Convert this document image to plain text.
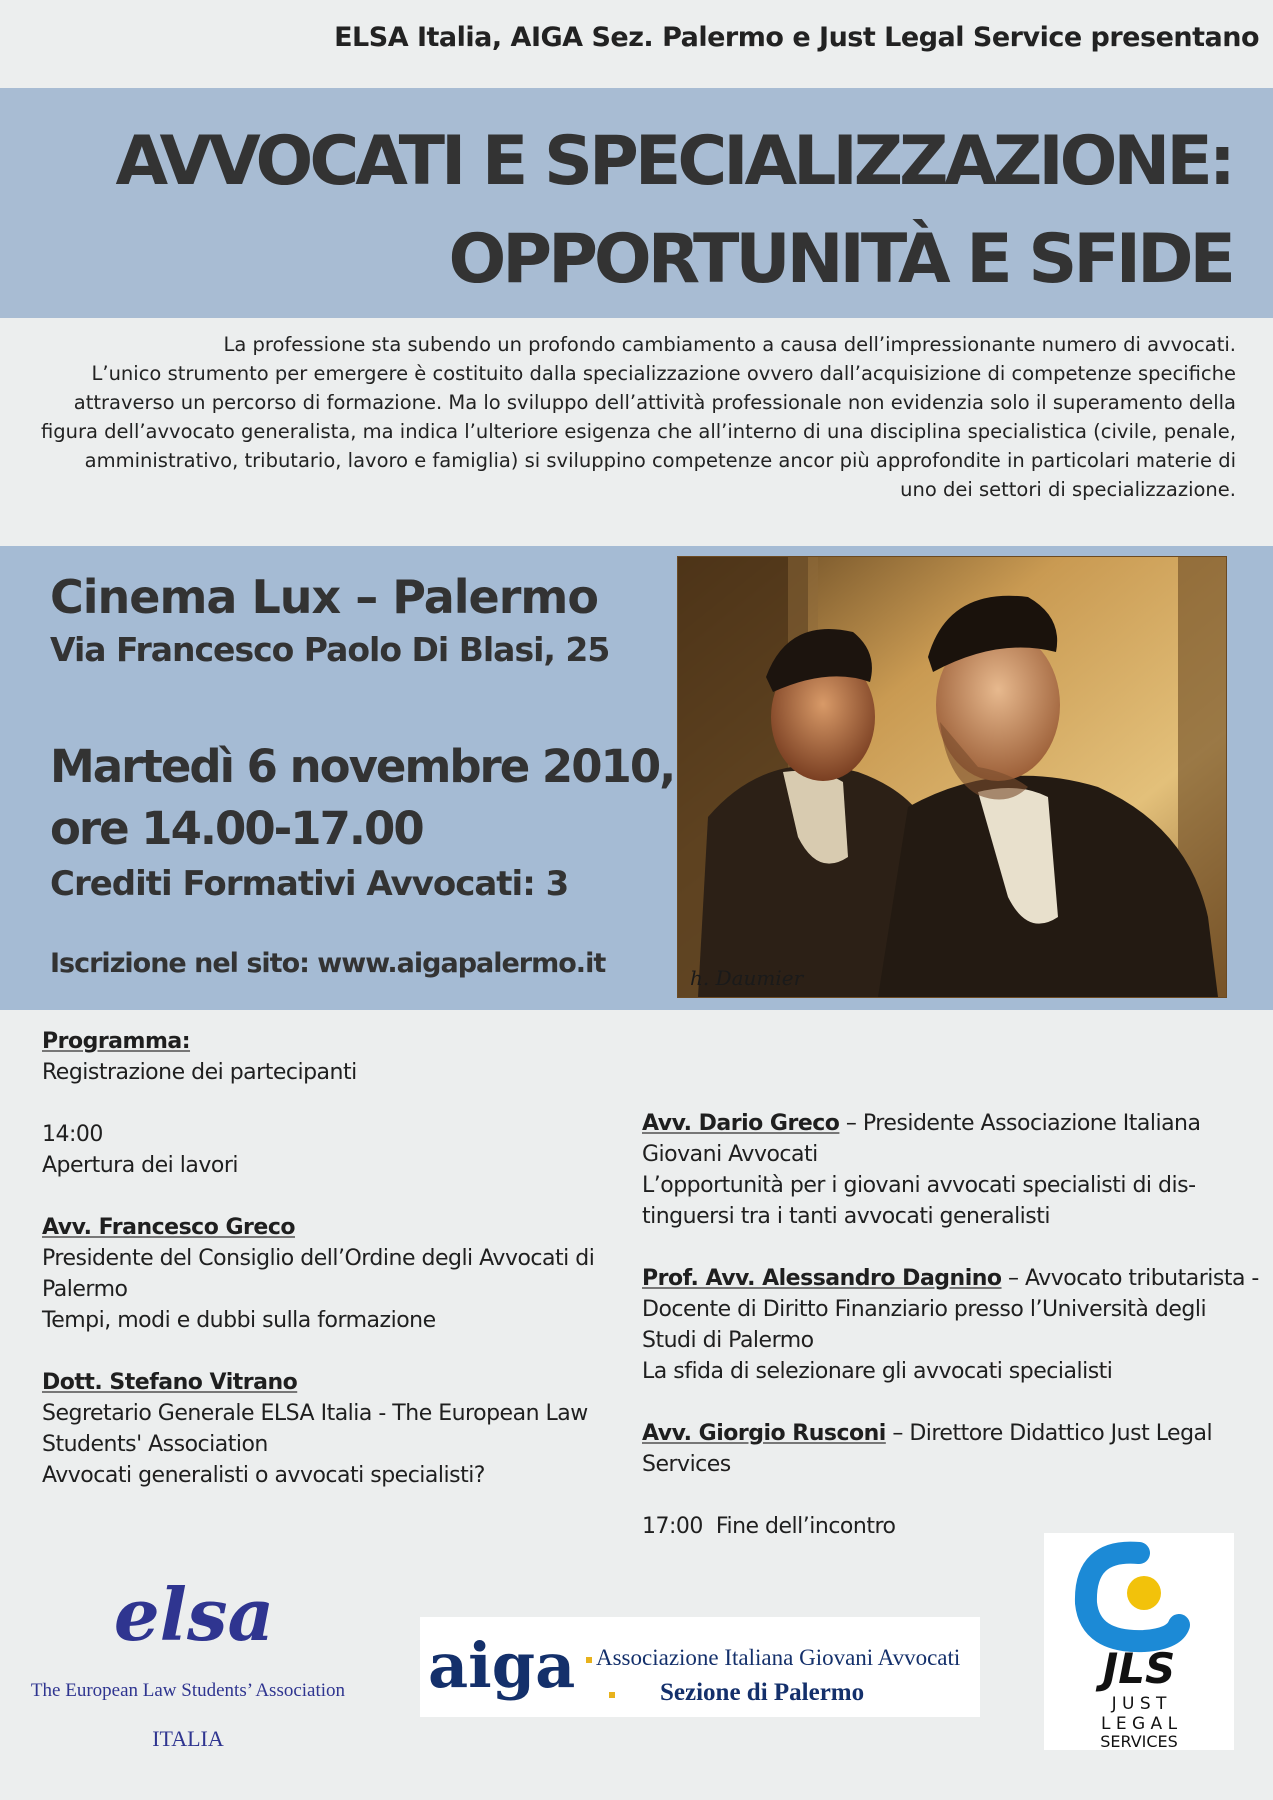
ELSA Italia, AIGA Sez. Palermo e Just Legal Service presentano
AVVOCATI E SPECIALIZZAZIONE:
OPPORTUNITÀ E SFIDE
La professione sta subendo un profondo cambiamento a causa dell’impressionante numero di avvocati.
L’unico strumento per emergere è costituito dalla specializzazione ovvero dall’acquisizione di competenze specifiche
attraverso un percorso di formazione. Ma lo sviluppo dell’attività professionale non evidenzia solo il superamento della
figura dell’avvocato generalista, ma indica l’ulteriore esigenza che all’interno di una disciplina specialistica (civile, penale,
amministrativo, tributario, lavoro e famiglia) si sviluppino competenze ancor più approfondite in particolari materie di
uno dei settori di specializzazione.
Cinema Lux – Palermo
Via Francesco Paolo Di Blasi, 25
Martedì 6 novembre 2010,
ore 14.00-17.00
Crediti Formativi Avvocati: 3
Iscrizione nel sito: www.aigapalermo.it	h. Daumier
Programma:
Registrazione dei partecipanti
14:00
Apertura dei lavori
Avv. Francesco Greco
Presidente del Consiglio dell’Ordine degli Avvocati di
Palermo
Tempi, modi e dubbi sulla formazione
Dott. Stefano Vitrano
Segretario Generale ELSA Italia - The European Law
Students' Association
Avvocati generalisti o avvocati specialisti?
Avv. Dario Greco – Presidente Associazione Italiana
Giovani Avvocati
L’opportunità per i giovani avvocati specialisti di dis-
tinguersi tra i tanti avvocati generalisti
Prof. Avv. Alessandro Dagnino – Avvocato tributarista -
Docente di Diritto Finanziario presso l’Università degli
Studi di Palermo
La sfida di selezionare gli avvocati specialisti
Avv. Giorgio Rusconi – Direttore Didattico Just Legal
Services
17:00 Fine dell’incontro
elsa
The European Law Students’ Association
ITALIA
aiga Associazione Italiana Giovani Avvocati
Sezione di Palermo	JLS
J U S T
L E G A L
SERVICES
